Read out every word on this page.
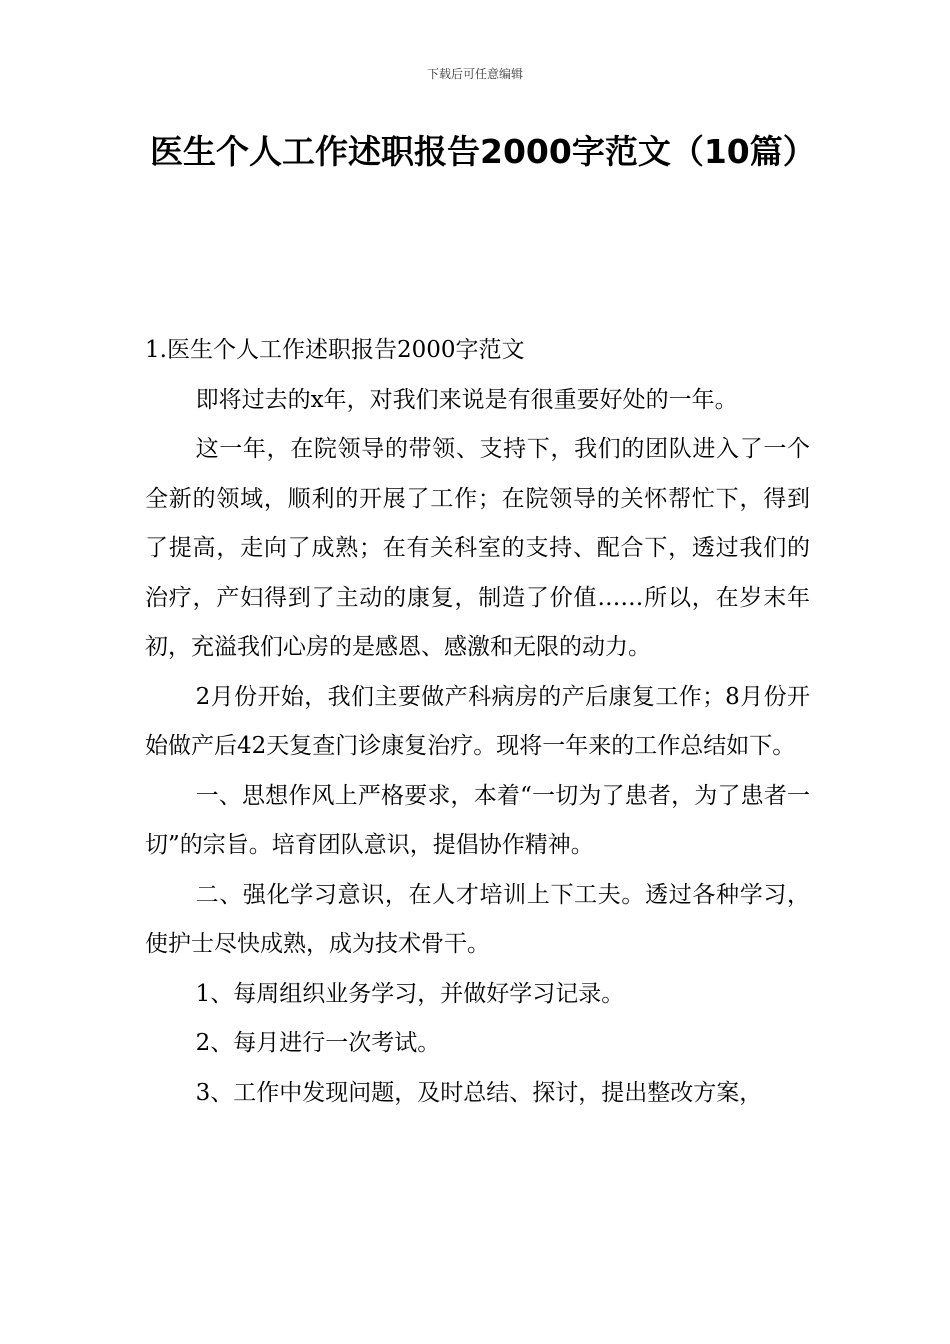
下载后可任意编辑
医生个人工作述职报告2000字范文（10篇）

1.医生个人工作述职报告2000字范文

即将过去的x年，对我们来说是有很重要好处的一年。

这一年，在院领导的带领、支持下，我们的团队进入了一个全新的领域，顺利的开展了工作；在院领导的关怀帮忙下，得到了提高，走向了成熟；在有关科室的支持、配合下，透过我们的治疗，产妇得到了主动的康复，制造了价值……所以，在岁末年初，充溢我们心房的是感恩、感激和无限的动力。

2月份开始，我们主要做产科病房的产后康复工作；8月份开始做产后42天复查门诊康复治疗。现将一年来的工作总结如下。

一、思想作风上严格要求，本着“一切为了患者，为了患者一切”的宗旨。培育团队意识，提倡协作精神。

二、强化学习意识，在人才培训上下工夫。透过各种学习，使护士尽快成熟，成为技术骨干。

1、每周组织业务学习，并做好学习记录。

2、每月进行一次考试。

3、工作中发现问题，及时总结、探讨，提出整改方案，
